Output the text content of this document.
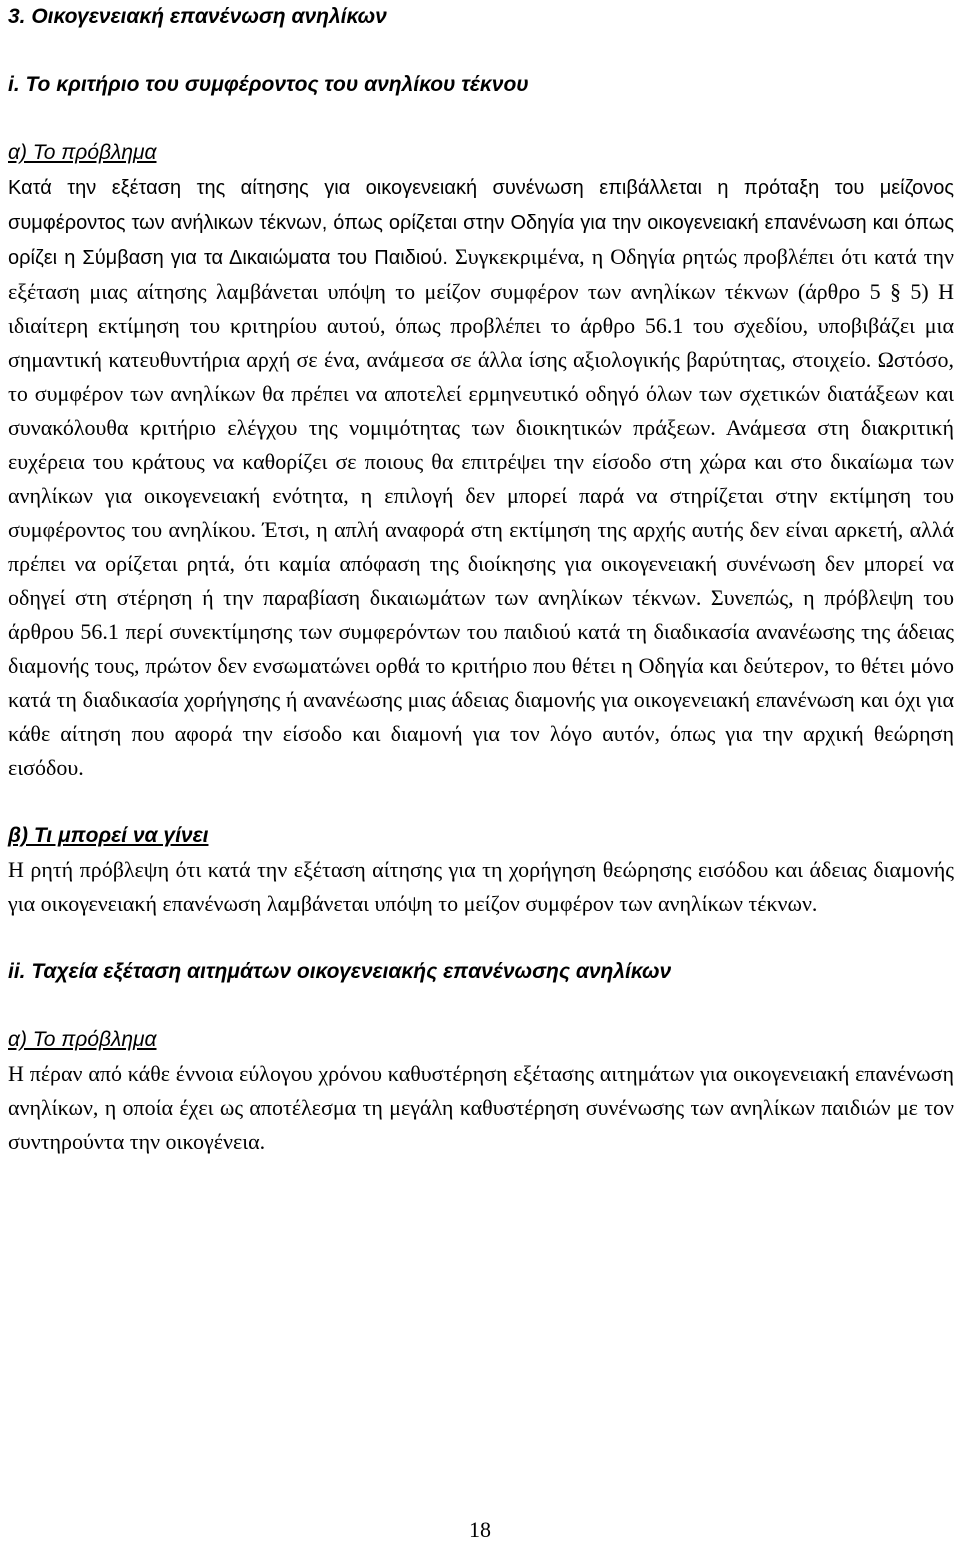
3. Οικογενειακή επανένωση ανηλίκων

i. Το κριτήριο του συμφέροντος του ανηλίκου τέκνου

α) Το πρόβλημα

Κατά την εξέταση της αίτησης για οικογενειακή συνένωση επιβάλλεται η πρόταξη του μείζονος συμφέροντος των ανήλικων τέκνων, όπως ορίζεται στην Οδηγία για την οικογενειακή επανένωση και όπως ορίζει η Σύμβαση για τα Δικαιώματα του Παιδιού. Συγκεκριμένα, η Οδηγία ρητώς προβλέπει ότι κατά την εξέταση μιας αίτησης λαμβάνεται υπόψη το μείζον συμφέρον των ανηλίκων τέκνων (άρθρο 5 § 5) Η ιδιαίτερη εκτίμηση του κριτηρίου αυτού, όπως προβλέπει το άρθρο 56.1 του σχεδίου, υποβιβάζει μια σημαντική κατευθυντήρια αρχή σε ένα, ανάμεσα σε άλλα ίσης αξιολογικής βαρύτητας, στοιχείο. Ωστόσο, το συμφέρον των ανηλίκων θα πρέπει να αποτελεί ερμηνευτικό οδηγό όλων των σχετικών διατάξεων και συνακόλουθα κριτήριο ελέγχου της νομιμότητας των διοικητικών πράξεων. Ανάμεσα στη διακριτική ευχέρεια του κράτους να καθορίζει σε ποιους θα επιτρέψει την είσοδο στη χώρα και στο δικαίωμα των ανηλίκων για οικογενειακή ενότητα, η επιλογή δεν μπορεί παρά να στηρίζεται στην εκτίμηση του συμφέροντος του ανηλίκου. Έτσι, η απλή αναφορά στη εκτίμηση της αρχής αυτής δεν είναι αρκετή, αλλά πρέπει να ορίζεται ρητά, ότι καμία απόφαση της διοίκησης για οικογενειακή συνένωση δεν μπορεί να οδηγεί στη στέρηση ή την παραβίαση δικαιωμάτων των ανηλίκων τέκνων. Συνεπώς, η πρόβλεψη του άρθρου 56.1 περί συνεκτίμησης των συμφερόντων του παιδιού κατά τη διαδικασία ανανέωσης της άδειας διαμονής τους, πρώτον δεν ενσωματώνει ορθά το κριτήριο που θέτει η Οδηγία και δεύτερον, το θέτει μόνο κατά τη διαδικασία χορήγησης ή ανανέωσης μιας άδειας διαμονής για οικογενειακή επανένωση και όχι για κάθε αίτηση που αφορά την είσοδο και διαμονή για τον λόγο αυτόν, όπως για την αρχική θεώρηση εισόδου.

β) Τι μπορεί να γίνει

Η ρητή πρόβλεψη ότι κατά την εξέταση αίτησης για τη χορήγηση θεώρησης εισόδου και άδειας διαμονής για οικογενειακή επανένωση λαμβάνεται υπόψη το μείζον συμφέρον των ανηλίκων τέκνων.

ii. Ταχεία εξέταση αιτημάτων οικογενειακής επανένωσης ανηλίκων

α) Το πρόβλημα

Η πέραν από κάθε έννοια εύλογου χρόνου καθυστέρηση εξέτασης αιτημάτων για οικογενειακή επανένωση ανηλίκων, η οποία έχει ως αποτέλεσμα τη μεγάλη καθυστέρηση συνένωσης των ανηλίκων παιδιών με τον συντηρούντα την οικογένεια.

18
